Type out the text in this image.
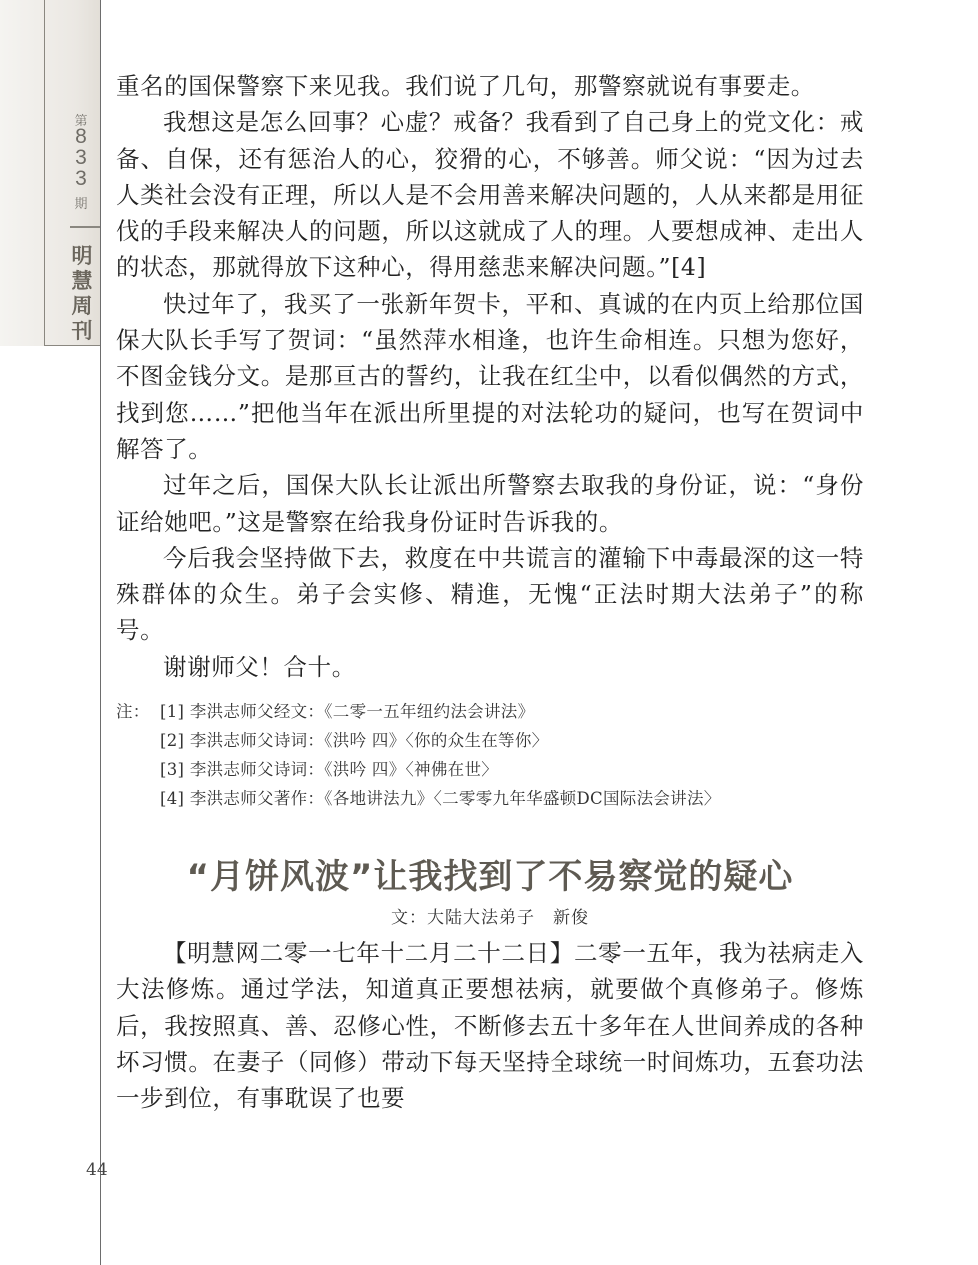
第
8
3
3
期
明
慧
周
刊
44

重名的国保警察下来见我。我们说了几句，那警察就说有事要走。

我想这是怎么回事？心虚？戒备？我看到了自己身上的党文化：戒备、自保，还有惩治人的心，狡猾的心，不够善。师父说：“因为过去人类社会没有正理，所以人是不会用善来解决问题的，人从来都是用征伐的手段来解决人的问题，所以这就成了人的理。人要想成神、走出人的状态，那就得放下这种心，得用慈悲来解决问题。”[4]

快过年了，我买了一张新年贺卡，平和、真诚的在内页上给那位国保大队长手写了贺词：“虽然萍水相逢，也许生命相连。只想为您好，不图金钱分文。是那亘古的誓约，让我在红尘中，以看似偶然的方式，找到您……”把他当年在派出所里提的对法轮功的疑问，也写在贺词中解答了。

过年之后，国保大队长让派出所警察去取我的身份证，说：“身份证给她吧。”这是警察在给我身份证时告诉我的。

今后我会坚持做下去，救度在中共谎言的灌输下中毒最深的这一特殊群体的众生。弟子会实修、精進，无愧“正法时期大法弟子”的称号。

谢谢师父！合十。

注： [1] 李洪志师父经文：《二零一五年纽约法会讲法》
[2] 李洪志师父诗词：《洪吟 四》〈你的众生在等你〉
[3] 李洪志师父诗词：《洪吟 四》〈神佛在世〉
[4] 李洪志师父著作：《各地讲法九》〈二零零九年华盛顿DC国际法会讲法〉
“月饼风波”让我找到了不易察觉的疑心
文：大陆大法弟子　新俊

【明慧网二零一七年十二月二十二日】二零一五年，我为祛病走入大法修炼。通过学法，知道真正要想祛病，就要做个真修弟子。修炼后，我按照真、善、忍修心性，不断修去五十多年在人世间养成的各种坏习惯。在妻子（同修）带动下每天坚持全球统一时间炼功，五套功法一步到位，有事耽误了也要
